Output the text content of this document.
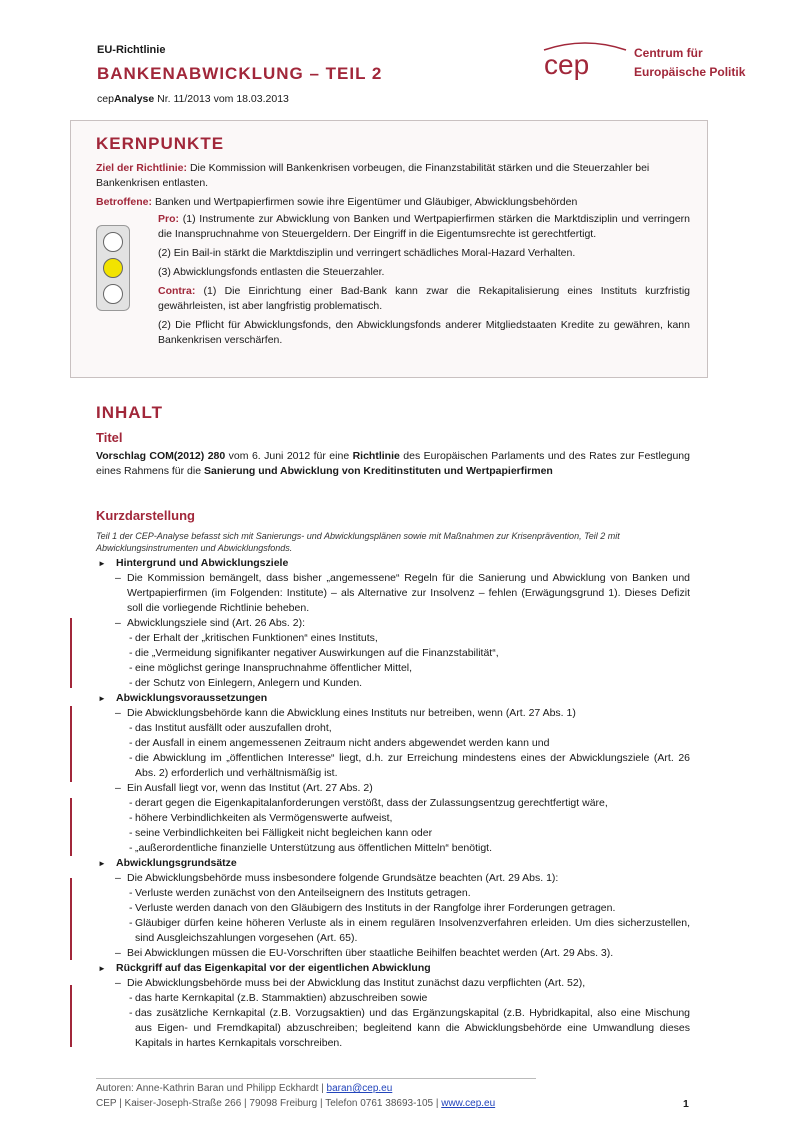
EU-Richtlinie
BANKENABWICKLUNG – TEIL 2
cepAnalyse Nr. 11/2013 vom 18.03.2013
cep	Centrum für
Europäische Politik
KERNPUNKTE
Ziel der Richtlinie: Die Kommission will Bankenkrisen vorbeugen, die Finanzstabilität stärken und die Steuerzahler bei Bankenkrisen entlasten.
Betroffene: Banken und Wertpapierfirmen sowie ihre Eigentümer und Gläubiger, Abwicklungsbehörden

Pro: (1) Instrumente zur Abwicklung von Banken und Wertpapierfirmen stärken die Marktdisziplin und verringern die Inanspruchnahme von Steuergeldern. Der Eingriff in die Eigentumsrechte ist gerechtfertigt.

(2) Ein Bail-in stärkt die Marktdisziplin und verringert schädliches Moral-Hazard Verhalten.

(3) Abwicklungsfonds entlasten die Steuerzahler.

Contra: (1) Die Einrichtung einer Bad-Bank kann zwar die Rekapitalisierung eines Instituts kurzfristig gewährleisten, ist aber langfristig problematisch.

(2) Die Pflicht für Abwicklungsfonds, den Abwicklungsfonds anderer Mitgliedstaaten Kredite zu gewähren, kann Bankenkrisen verschärfen.

INHALT
Titel
Vorschlag COM(2012) 280 vom 6. Juni 2012 für eine Richtlinie des Europäischen Parlaments und des Rates zur Festlegung eines Rahmens für die Sanierung und Abwicklung von Kreditinstituten und Wertpapierfirmen
Kurzdarstellung
Teil 1 der CEP-Analyse befasst sich mit Sanierungs- und Abwicklungsplänen sowie mit Maßnahmen zur Krisenprävention, Teil 2 mit Abwicklungsinstrumenten und Abwicklungsfonds.
► Hintergrund und Abwicklungsziele
– Die Kommission bemängelt, dass bisher „angemessene“ Regeln für die Sanierung und Abwicklung von Banken und Wertpapierfirmen (im Folgenden: Institute) – als Alternative zur Insolvenz – fehlen (Erwägungsgrund 1). Dieses Defizit soll die vorliegende Richtlinie beheben.
– Abwicklungsziele sind (Art. 26 Abs. 2):
- der Erhalt der „kritischen Funktionen“ eines Instituts,
- die „Vermeidung signifikanter negativer Auswirkungen auf die Finanzstabilität“,
- eine möglichst geringe Inanspruchnahme öffentlicher Mittel,
- der Schutz von Einlegern, Anlegern und Kunden.
► Abwicklungsvoraussetzungen
– Die Abwicklungsbehörde kann die Abwicklung eines Instituts nur betreiben, wenn (Art. 27 Abs. 1)
- das Institut ausfällt oder auszufallen droht,
- der Ausfall in einem angemessenen Zeitraum nicht anders abgewendet werden kann und
- die Abwicklung im „öffentlichen Interesse“ liegt, d.h. zur Erreichung mindestens eines der Abwicklungsziele (Art. 26 Abs. 2) erforderlich und verhältnismäßig ist.
– Ein Ausfall liegt vor, wenn das Institut (Art. 27 Abs. 2)
- derart gegen die Eigenkapitalanforderungen verstößt, dass der Zulassungsentzug gerechtfertigt wäre,
- höhere Verbindlichkeiten als Vermögenswerte aufweist,
- seine Verbindlichkeiten bei Fälligkeit nicht begleichen kann oder
- „außerordentliche finanzielle Unterstützung aus öffentlichen Mitteln“ benötigt.
► Abwicklungsgrundsätze
– Die Abwicklungsbehörde muss insbesondere folgende Grundsätze beachten (Art. 29 Abs. 1):
- Verluste werden zunächst von den Anteilseignern des Instituts getragen.
- Verluste werden danach von den Gläubigern des Instituts in der Rangfolge ihrer Forderungen getragen.
- Gläubiger dürfen keine höheren Verluste als in einem regulären Insolvenzverfahren erleiden. Um dies sicherzustellen, sind Ausgleichszahlungen vorgesehen (Art. 65).
– Bei Abwicklungen müssen die EU-Vorschriften über staatliche Beihilfen beachtet werden (Art. 29 Abs. 3).
► Rückgriff auf das Eigenkapital vor der eigentlichen Abwicklung
– Die Abwicklungsbehörde muss bei der Abwicklung das Institut zunächst dazu verpflichten (Art. 52),
- das harte Kernkapital (z.B. Stammaktien) abzuschreiben sowie
- das zusätzliche Kernkapital (z.B. Vorzugsaktien) und das Ergänzungskapital (z.B. Hybridkapital, also eine Mischung aus Eigen- und Fremdkapital) abzuschreiben; begleitend kann die Abwicklungsbehörde eine Umwandlung dieses Kapitals in hartes Kernkapitals vorschreiben.
Autoren: Anne-Kathrin Baran und Philipp Eckhardt | baran@cep.eu
CEP | Kaiser-Joseph-Straße 266 | 79098 Freiburg | Telefon 0761 38693-105 | www.cep.eu	1
